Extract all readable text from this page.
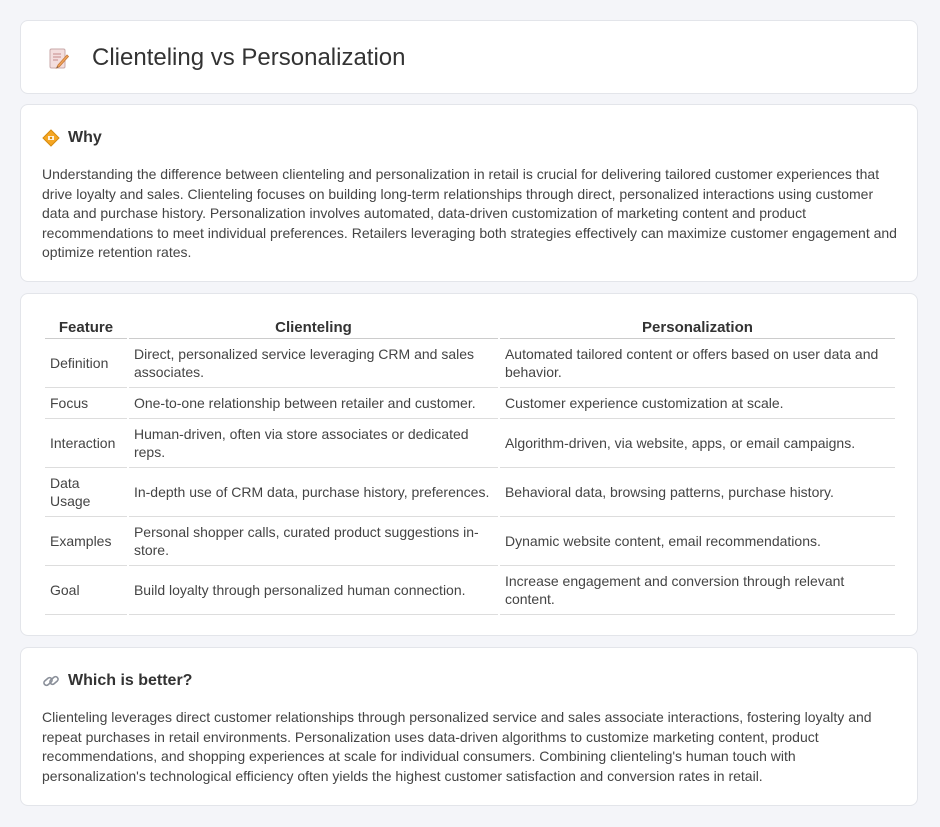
Clienteling vs Personalization
Why

Understanding the difference between clienteling and personalization in retail is crucial for delivering tailored customer experiences that drive loyalty and sales. Clienteling focuses on building long-term relationships through direct, personalized interactions using customer data and purchase history. Personalization involves automated, data-driven customization of marketing content and product recommendations to meet individual preferences. Retailers leveraging both strategies effectively can maximize customer engagement and optimize retention rates.

Feature	Clienteling	Personalization
Definition	Direct, personalized service leveraging CRM and sales associates.	Automated tailored content or offers based on user data and behavior.
Focus	One-to-one relationship between retailer and customer.	Customer experience customization at scale.
Interaction	Human-driven, often via store associates or dedicated reps.	Algorithm-driven, via website, apps, or email campaigns.
Data Usage	In-depth use of CRM data, purchase history, preferences.	Behavioral data, browsing patterns, purchase history.
Examples	Personal shopper calls, curated product suggestions in-store.	Dynamic website content, email recommendations.
Goal	Build loyalty through personalized human connection.	Increase engagement and conversion through relevant content.
Which is better?

Clienteling leverages direct customer relationships through personalized service and sales associate interactions, fostering loyalty and repeat purchases in retail environments. Personalization uses data-driven algorithms to customize marketing content, product recommendations, and shopping experiences at scale for individual consumers. Combining clienteling's human touch with personalization's technological efficiency often yields the highest customer satisfaction and conversion rates in retail.
